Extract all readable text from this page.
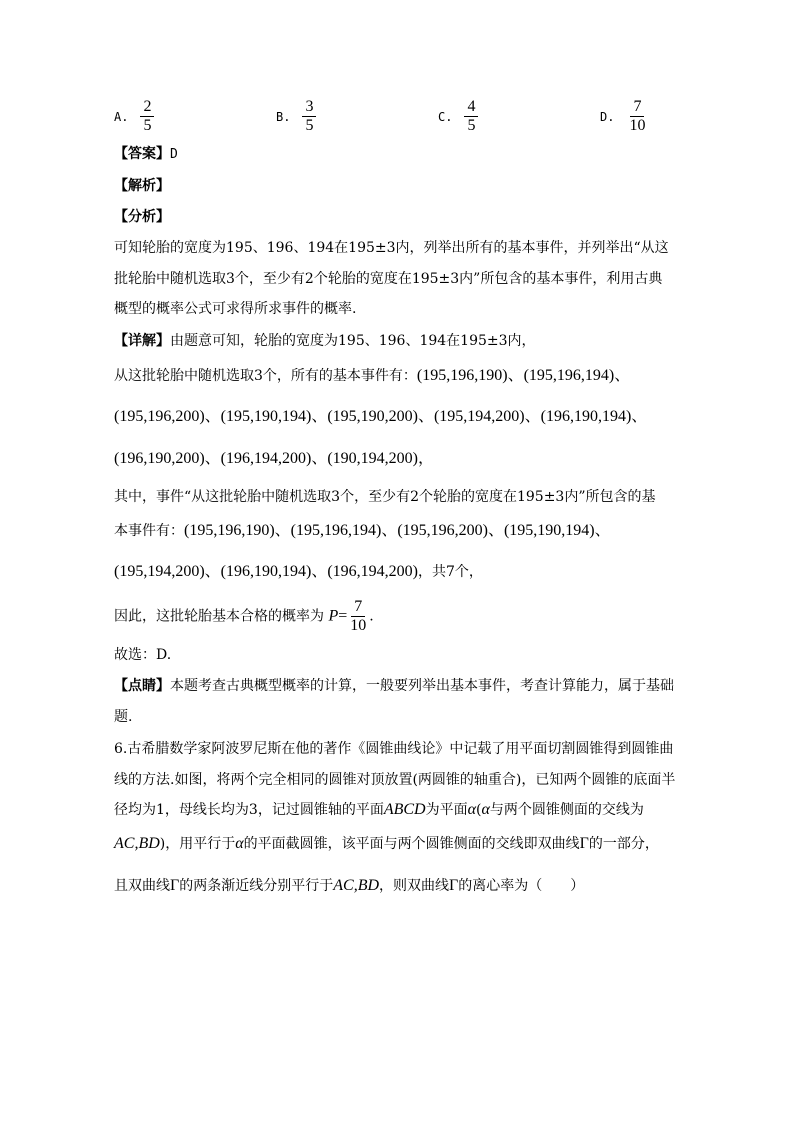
A. $\frac{2}{5}$	B. $\frac{3}{5}$	C. $\frac{4}{5}$	D. $\frac{7}{10}$
【答案】D
【解析】
【分析】
可知轮胎的宽度为195、196、194在195±3内，列举出所有的基本事件，并列举出“从这
批轮胎中随机选取3个，至少有2个轮胎的宽度在195±3内”所包含的基本事件，利用古典
概型的概率公式可求得所求事件的概率.
【详解】由题意可知，轮胎的宽度为195、196、194在195±3内，
从这批轮胎中随机选取3个，所有的基本事件有：(195,196,190)、(195,196,194)、
(195,196,200)、(195,190,194)、(195,190,200)、(195,194,200)、(196,190,194)、
(196,190,200)、(196,194,200)、(190,194,200)，
其中，事件“从这批轮胎中随机选取3个，至少有2个轮胎的宽度在195±3内”所包含的基
本事件有：(195,196,190)、(195,196,194)、(195,196,200)、(195,190,194)、
(195,194,200)、(196,190,194)、(196,194,200)，共7个，
因此，这批轮胎基本合格的概率为 $P= \frac{7}{10}$ .
故选：D.
【点睛】本题考查古典概型概率的计算，一般要列举出基本事件，考查计算能力，属于基础
题.
6.古希腊数学家阿波罗尼斯在他的著作《圆锥曲线论》中记载了用平面切割圆锥得到圆锥曲
线的方法.如图，将两个完全相同的圆锥对顶放置(两圆锥的轴重合)，已知两个圆锥的底面半
径均为1，母线长均为3，记过圆锥轴的平面ABCD为平面α(α与两个圆锥侧面的交线为
AC,BD)，用平行于α的平面截圆锥，该平面与两个圆锥侧面的交线即双曲线Γ的一部分，
且双曲线Γ的两条渐近线分别平行于AC,BD，则双曲线Γ的离心率为（　　）
